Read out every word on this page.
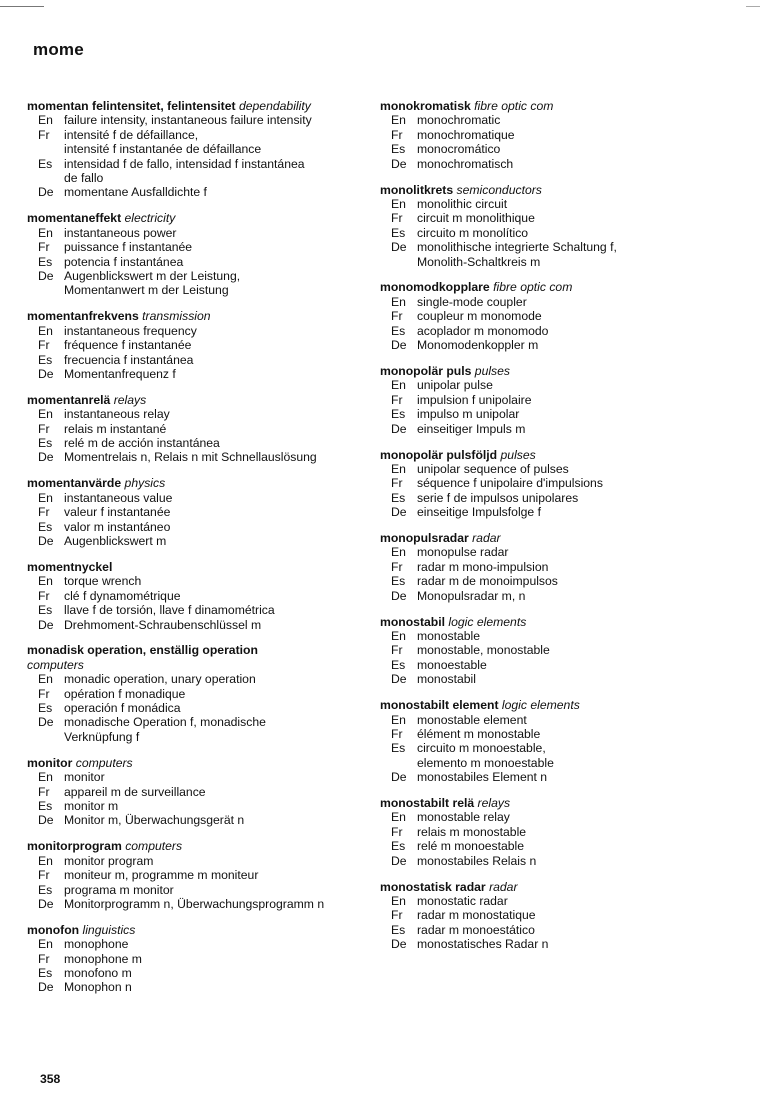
mome
momentan felintensitet, felintensitet dependability
En failure intensity, instantaneous failure intensity
Fr	intensité f de défaillance,
intensité f instantanée de défaillance
Es intensidad f de fallo, intensidad f instantánea
de fallo
De momentane Ausfalldichte f
momentaneffekt electricity
En instantaneous power
Fr	puissance f instantanée
Es potencia f instantánea
De Augenblickswert m der Leistung,
Momentanwert m der Leistung
momentanfrekvens transmission
En instantaneous frequency
Fr	fréquence f instantanée
Es frecuencia f instantánea
De Momentanfrequenz f
momentanrelä relays
En instantaneous relay
Fr	relais m instantané
Es relé m de acción instantánea
De Momentrelais n, Relais n mit Schnellauslösung
momentanvärde physics
En instantaneous value
Fr	valeur f instantanée
Es valor m instantáneo
De Augenblickswert m
momentnyckel
En torque wrench
Fr	clé f dynamométrique
Es llave f de torsión, llave f dinamométrica
De Drehmoment-Schraubenschlüssel m
monadisk operation, enställig operation
computers
En monadic operation, unary operation
Fr	opération f monadique
Es operación f monádica
De monadische Operation f, monadische
Verknüpfung f
monitor computers
En monitor
Fr	appareil m de surveillance
Es monitor m
De Monitor m, Überwachungsgerät n
monitorprogram computers
En monitor program
Fr	moniteur m, programme m moniteur
Es programa m monitor
De Monitorprogramm n, Überwachungsprogramm n
monofon linguistics
En monophone
Fr	monophone m
Es monofono m
De Monophon n
monokromatisk fibre optic com
En monochromatic
Fr	monochromatique
Es monocromático
De monochromatisch
monolitkrets semiconductors
En monolithic circuit
Fr	circuit m monolithique
Es circuito m monolítico
De monolithische integrierte Schaltung f,
Monolith-Schaltkreis m
monomodkopplare fibre optic com
En single-mode coupler
Fr	coupleur m monomode
Es acoplador m monomodo
De Monomodenkoppler m
monopolär puls pulses
En unipolar pulse
Fr	impulsion f unipolaire
Es impulso m unipolar
De einseitiger Impuls m
monopolär pulsföljd pulses
En unipolar sequence of pulses
Fr	séquence f unipolaire d'impulsions
Es serie f de impulsos unipolares
De einseitige Impulsfolge f
monopulsradar radar
En monopulse radar
Fr	radar m mono-impulsion
Es radar m de monoimpulsos
De Monopulsradar m, n
monostabil logic elements
En monostable
Fr	monostable, monostable
Es monoestable
De monostabil
monostabilt element logic elements
En monostable element
Fr	élément m monostable
Es circuito m monoestable,
elemento m monoestable
De monostabiles Element n
monostabilt relä relays
En monostable relay
Fr	relais m monostable
Es relé m monoestable
De monostabiles Relais n
monostatisk radar radar
En monostatic radar
Fr	radar m monostatique
Es radar m monoestático
De monostatisches Radar n
358
